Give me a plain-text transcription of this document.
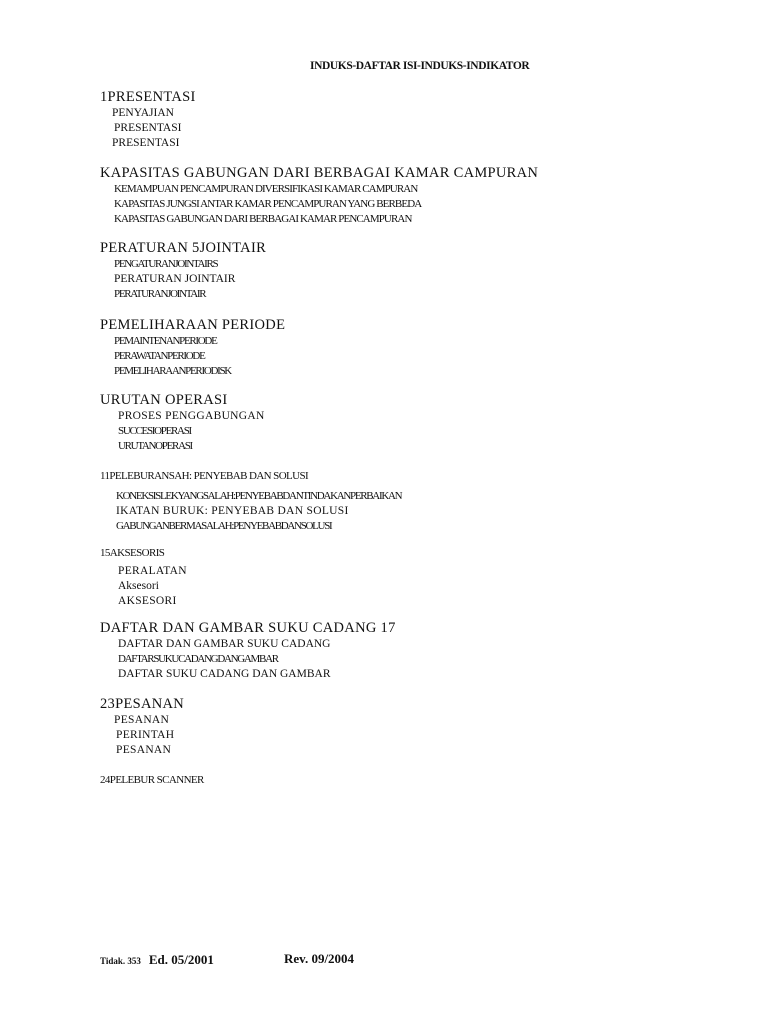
INDUKS-DAFTAR ISI-INDUKS-INDIKATOR
1PRESENTASI
PENYAJIAN
PRESENTASI
PRESENTASI
KAPASITAS GABUNGAN DARI BERBAGAI KAMAR CAMPURAN
KEMAMPUAN PENCAMPURAN DIVERSIFIKASI KAMAR CAMPURAN
KAPASITAS JUNGSI ANTAR KAMAR PENCAMPURAN YANG BERBEDA
KAPASITAS GABUNGAN DARI BERBAGAI KAMAR PENCAMPURAN
PERATURAN 5JOINTAIR
PENGATURANJOINTAIRS
PERATURAN JOINTAIR
PERATURANJOINTAIR
PEMELIHARAAN PERIODE
PEMAINTENANPERIODE
PERAWATANPERIODE
PEMELIHARAANPERIODISK
URUTAN OPERASI
PROSES PENGGABUNGAN
SUCCESIOPERASI
URUTANOPERASI
11PELEBURANSAH: PENYEBAB DAN SOLUSI
KONEKSISLEKYANGSALAH:PENYEBABDANTINDAKANPERBAIKAN
IKATAN BURUK: PENYEBAB DAN SOLUSI
GABUNGANBERMASALAH:PENYEBABDANSOLUSI
15AKSESORIS
PERALATAN
Aksesori
AKSESORI
DAFTAR DAN GAMBAR SUKU CADANG 17
DAFTAR DAN GAMBAR SUKU CADANG
DAFTARSUKUCADANGDANGAMBAR
DAFTAR SUKU CADANG DAN GAMBAR
23PESANAN
PESANAN
PERINTAH
PESANAN
24PELEBUR SCANNER
Tidak. 353 Ed. 05/2001	Rev. 09/2004
